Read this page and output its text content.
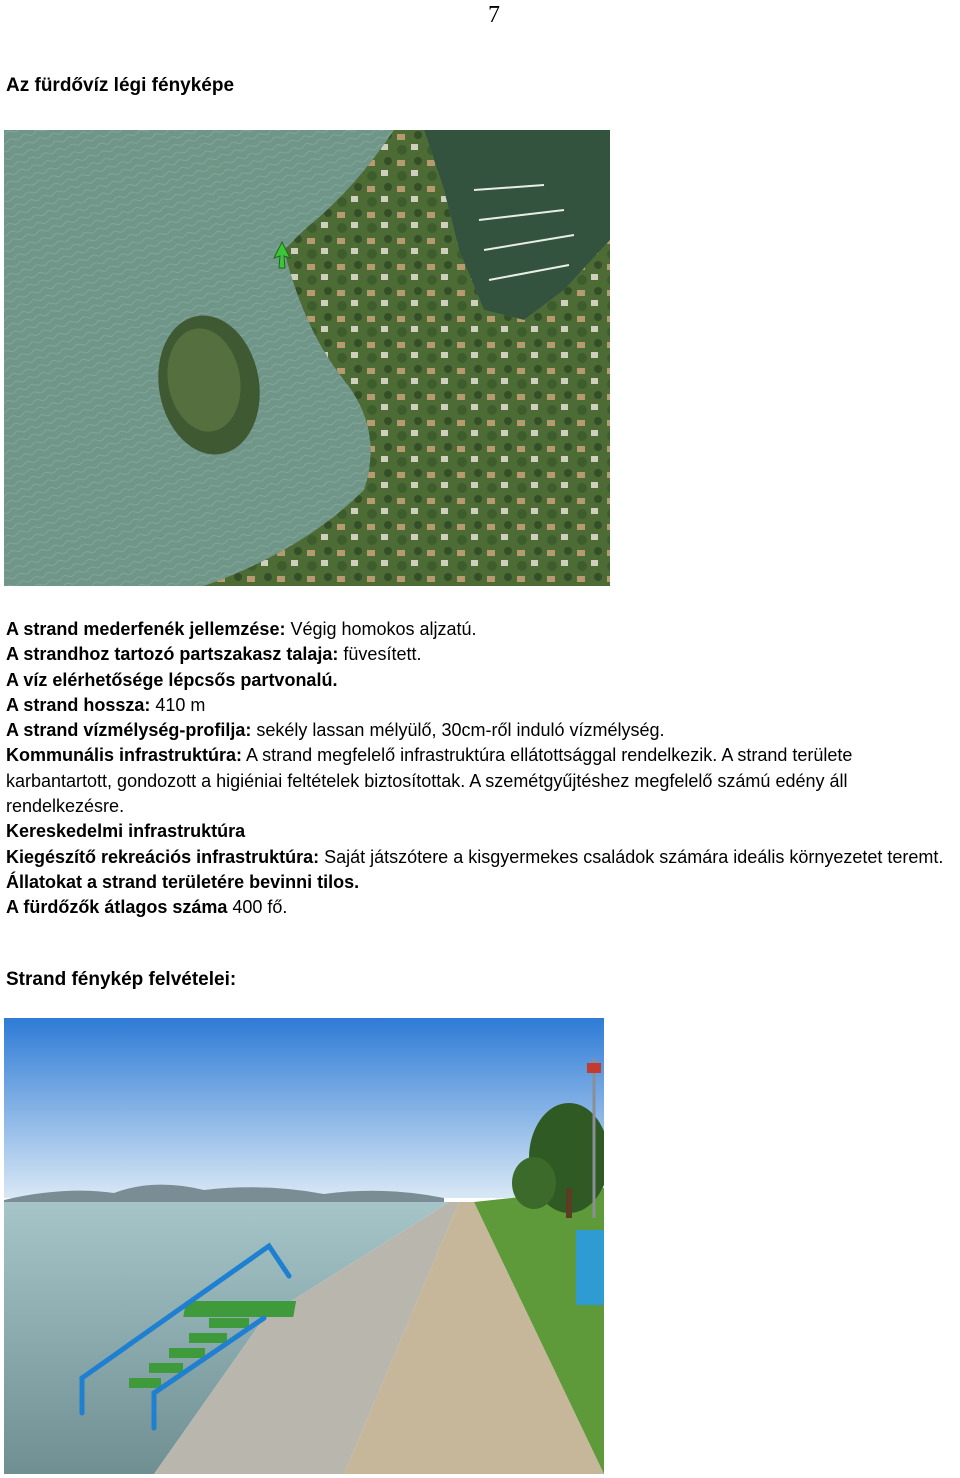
7
Az fürdővíz légi fényképe

A strand mederfenék jellemzése: Végig homokos aljzatú.

A strandhoz tartozó partszakasz talaja: füvesített.

A víz elérhetősége lépcsős partvonalú.

A strand hossza: 410 m

A strand vízmélység-profilja: sekély lassan mélyülő, 30cm-ről induló vízmélység.

Kommunális infrastruktúra: A strand megfelelő infrastruktúra ellátottsággal rendelkezik. A strand területe karbantartott, gondozott a higiéniai feltételek biztosítottak. A szemétgyűjtéshez megfelelő számú edény áll rendelkezésre.

Kereskedelmi infrastruktúra

Kiegészítő rekreációs infrastruktúra: Saját játszótere a kisgyermekes családok számára ideális környezetet teremt.

Állatokat a strand területére bevinni tilos.

A fürdőzők átlagos száma 400 fő.

Strand fénykép felvételei:
